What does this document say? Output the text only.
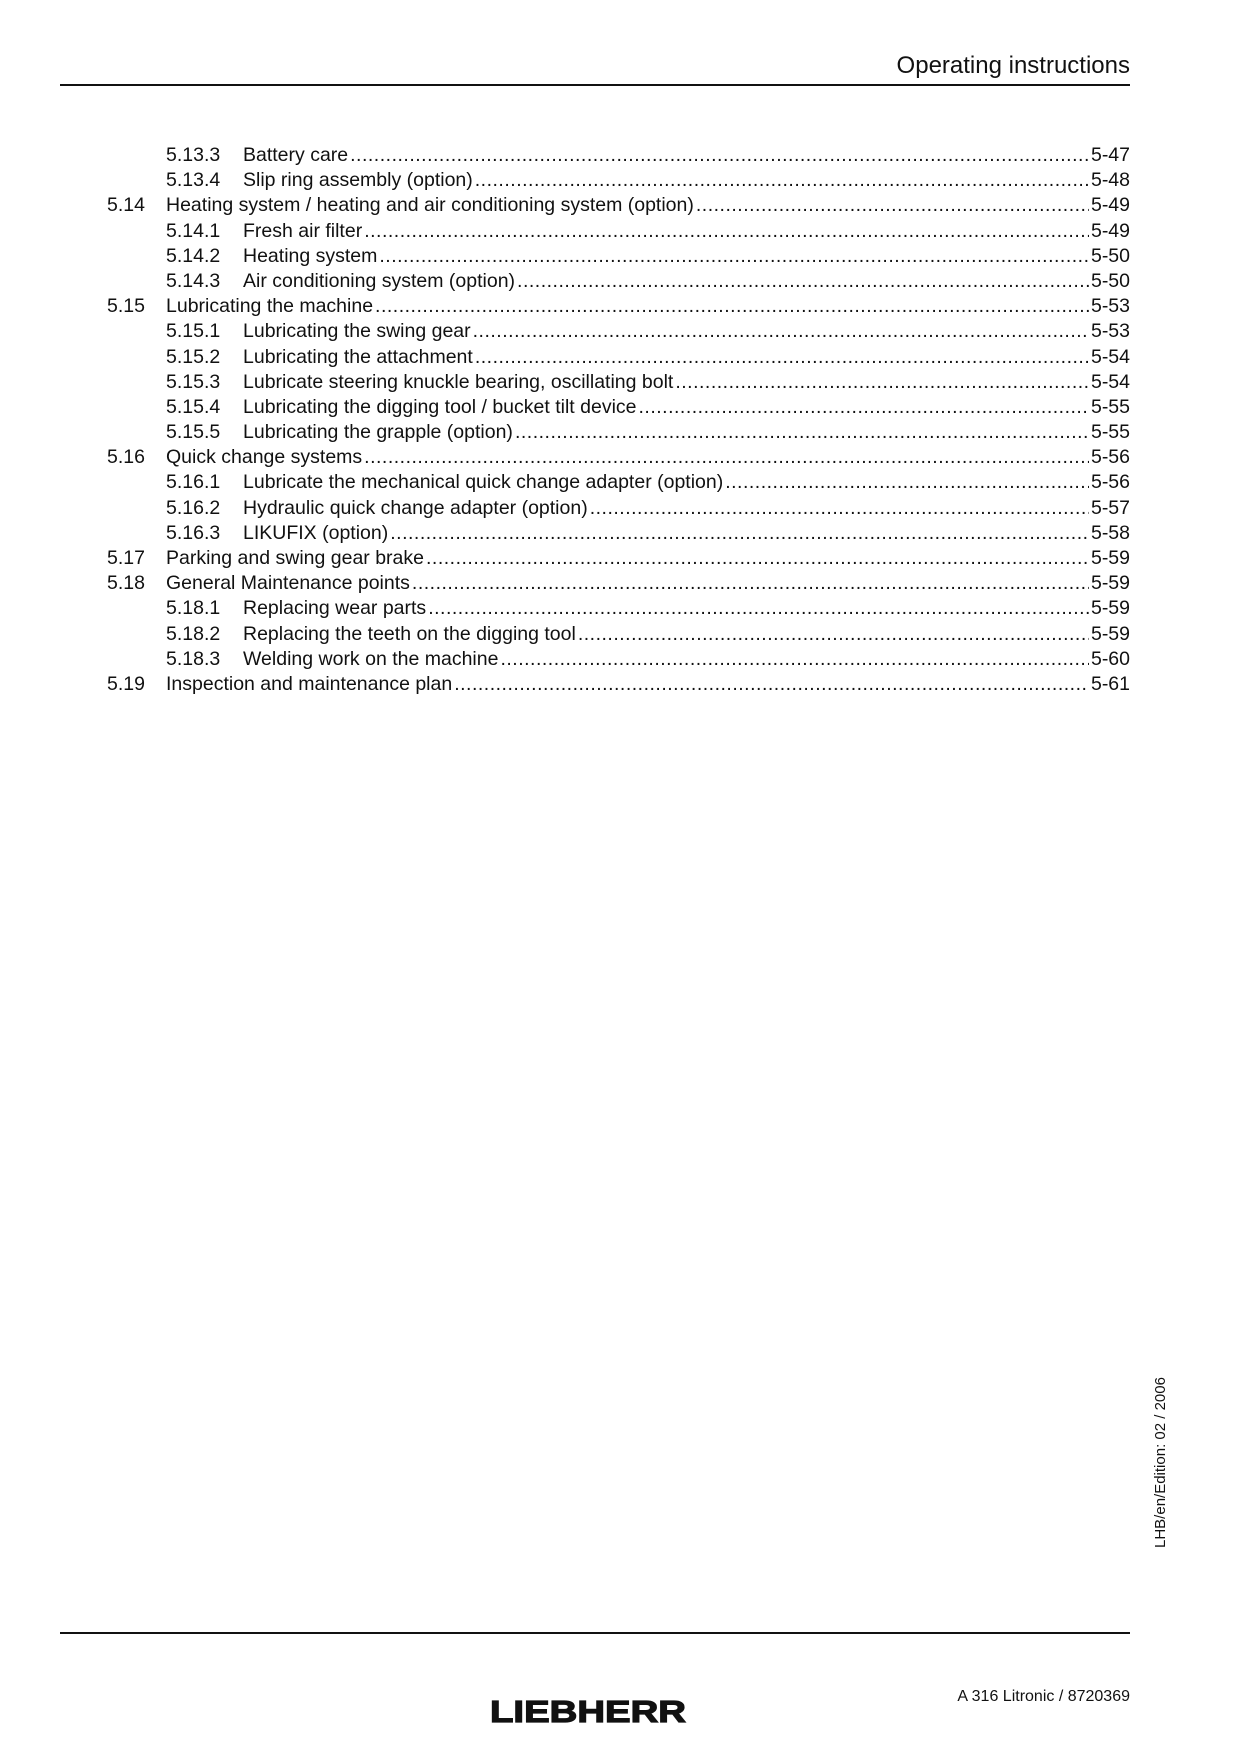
Operating instructions
5.13.3 Battery care .....	5-47
5.13.4 Slip ring assembly (option) .....	5-48
5.14 Heating system / heating and air conditioning system (option) .....	5-49
5.14.1 Fresh air filter .....	5-49
5.14.2 Heating system .....	5-50
5.14.3 Air conditioning system (option) .....	5-50
5.15 Lubricating the machine .....	5-53
5.15.1 Lubricating the swing gear .....	5-53
5.15.2 Lubricating the attachment .....	5-54
5.15.3 Lubricate steering knuckle bearing, oscillating bolt .....	5-54
5.15.4 Lubricating the digging tool / bucket tilt device .....	5-55
5.15.5 Lubricating the grapple (option) .....	5-55
5.16 Quick change systems .....	5-56
5.16.1 Lubricate the mechanical quick change adapter (option) .....	5-56
5.16.2 Hydraulic quick change adapter (option) .....	5-57
5.16.3 LIKUFIX (option) .....	5-58
5.17 Parking and swing gear brake .....	5-59
5.18 General Maintenance points .....	5-59
5.18.1 Replacing wear parts .....	5-59
5.18.2 Replacing the teeth on the digging tool .....	5-59
5.18.3 Welding work on the machine .....	5-60
5.19 Inspection and maintenance plan .....	5-61
LHB/en/Edition: 02 / 2006
LIEBHERR	A 316 Litronic / 8720369
